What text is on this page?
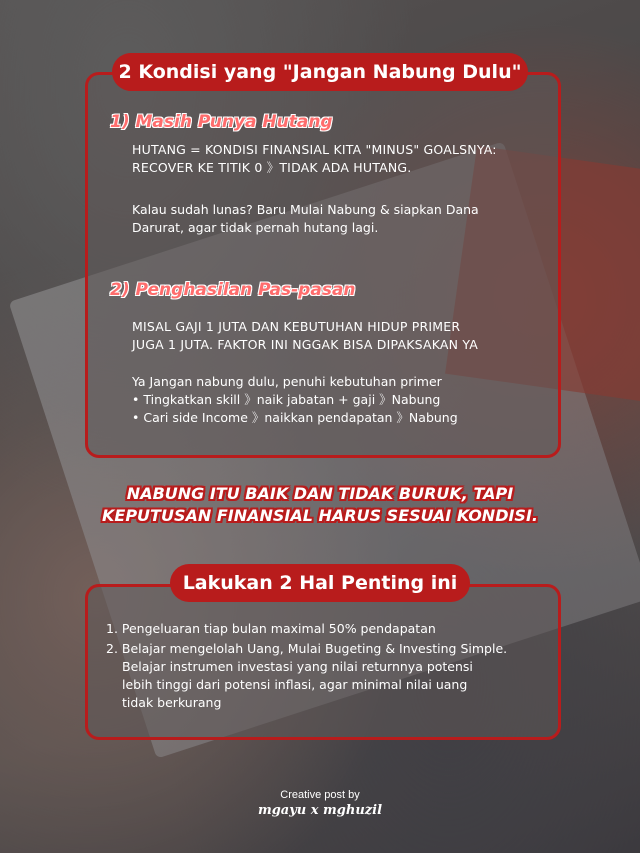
2 Kondisi yang "Jangan Nabung Dulu"
1) Masih Punya Hutang
HUTANG = KONDISI FINANSIAL KITA "MINUS" GOALSNYA:
RECOVER KE TITIK 0 》TIDAK ADA HUTANG.
Kalau sudah lunas? Baru Mulai Nabung & siapkan Dana
Darurat, agar tidak pernah hutang lagi.
2) Penghasilan Pas-pasan
MISAL GAJI 1 JUTA DAN KEBUTUHAN HIDUP PRIMER
JUGA 1 JUTA. FAKTOR INI NGGAK BISA DIPAKSAKAN YA
Ya Jangan nabung dulu, penuhi kebutuhan primer
• Tingkatkan skill 》naik jabatan + gaji 》Nabung
• Cari side Income 》naikkan pendapatan 》Nabung
NABUNG ITU BAIK DAN TIDAK BURUK, TAPI
KEPUTUSAN FINANSIAL HARUS SESUAI KONDISI.
Lakukan 2 Hal Penting ini
1. Pengeluaran tiap bulan maximal 50% pendapatan
2. Belajar mengelolah Uang, Mulai Bugeting & Investing Simple.
Belajar instrumen investasi yang nilai returnnya potensi
lebih tinggi dari potensi inflasi, agar minimal nilai uang
tidak berkurang
Creative post by
mgayu x mghuzil
